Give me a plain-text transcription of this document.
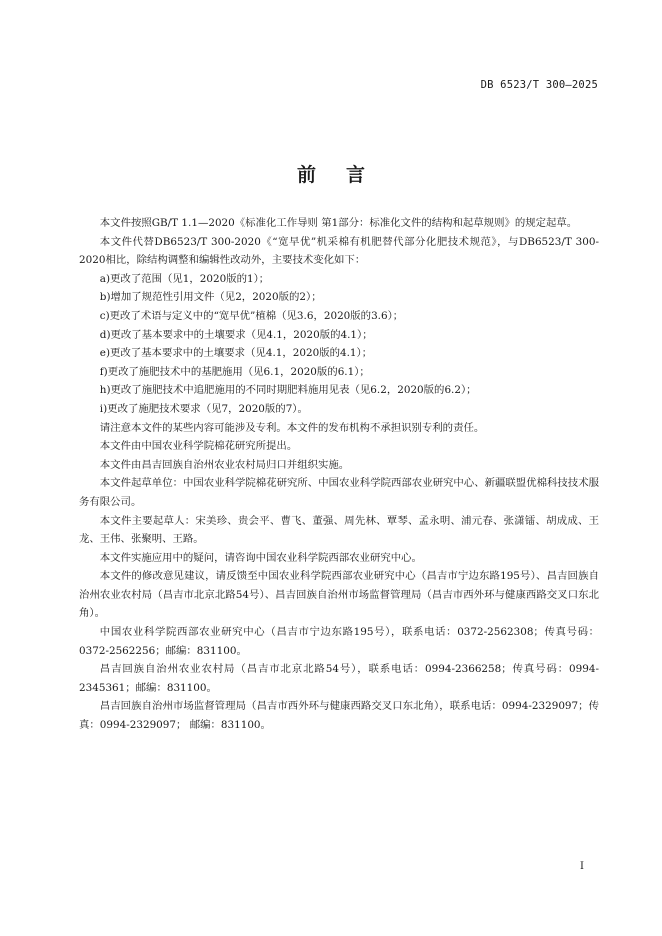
DB 6523/T 300—2025
前言

本文件按照GB/T 1.1—2020《标准化工作导则 第1部分：标准化文件的结构和起草规则》的规定起草。

本文件代替DB6523/T 300-2020《“宽早优”机采棉有机肥替代部分化肥技术规范》，与DB6523/T 300-2020相比，除结构调整和编辑性改动外，主要技术变化如下：

a)更改了范围（见1，2020版的1）；

b)增加了规范性引用文件（见2，2020版的2）；

c)更改了术语与定义中的“宽早优”植棉（见3.6，2020版的3.6）；

d)更改了基本要求中的土壤要求（见4.1，2020版的4.1）；

e)更改了基本要求中的土壤要求（见4.1，2020版的4.1）；

f)更改了施肥技术中的基肥施用（见6.1，2020版的6.1）；

h)更改了施肥技术中追肥施用的不同时期肥料施用见表（见6.2，2020版的6.2）；

i)更改了施肥技术要求（见7，2020版的7）。

请注意本文件的某些内容可能涉及专利。本文件的发布机构不承担识别专利的责任。

本文件由中国农业科学院棉花研究所提出。

本文件由昌吉回族自治州农业农村局归口并组织实施。

本文件起草单位：中国农业科学院棉花研究所、中国农业科学院西部农业研究中心、新疆联盟优棉科技技术服务有限公司。

本文件主要起草人：宋美珍、贵会平、曹飞、董强、周先林、覃琴、孟永明、浦元春、张潇镭、胡成成、王龙、王伟、张聚明、王路。

本文件实施应用中的疑问，请咨询中国农业科学院西部农业研究中心。

本文件的修改意见建议，请反馈至中国农业科学院西部农业研究中心（昌吉市宁边东路195号）、昌吉回族自治州农业农村局（昌吉市北京北路54号）、昌吉回族自治州市场监督管理局（昌吉市西外环与健康西路交叉口东北角）。

中国农业科学院西部农业研究中心（昌吉市宁边东路195号），联系电话：0372-2562308；传真号码：0372-2562256；邮编：831100。

昌吉回族自治州农业农村局（昌吉市北京北路54号），联系电话：0994-2366258；传真号码：0994-2345361；邮编：831100。

昌吉回族自治州市场监督管理局（昌吉市西外环与健康西路交叉口东北角），联系电话：0994-2329097；传真：0994-2329097； 邮编：831100。

I
